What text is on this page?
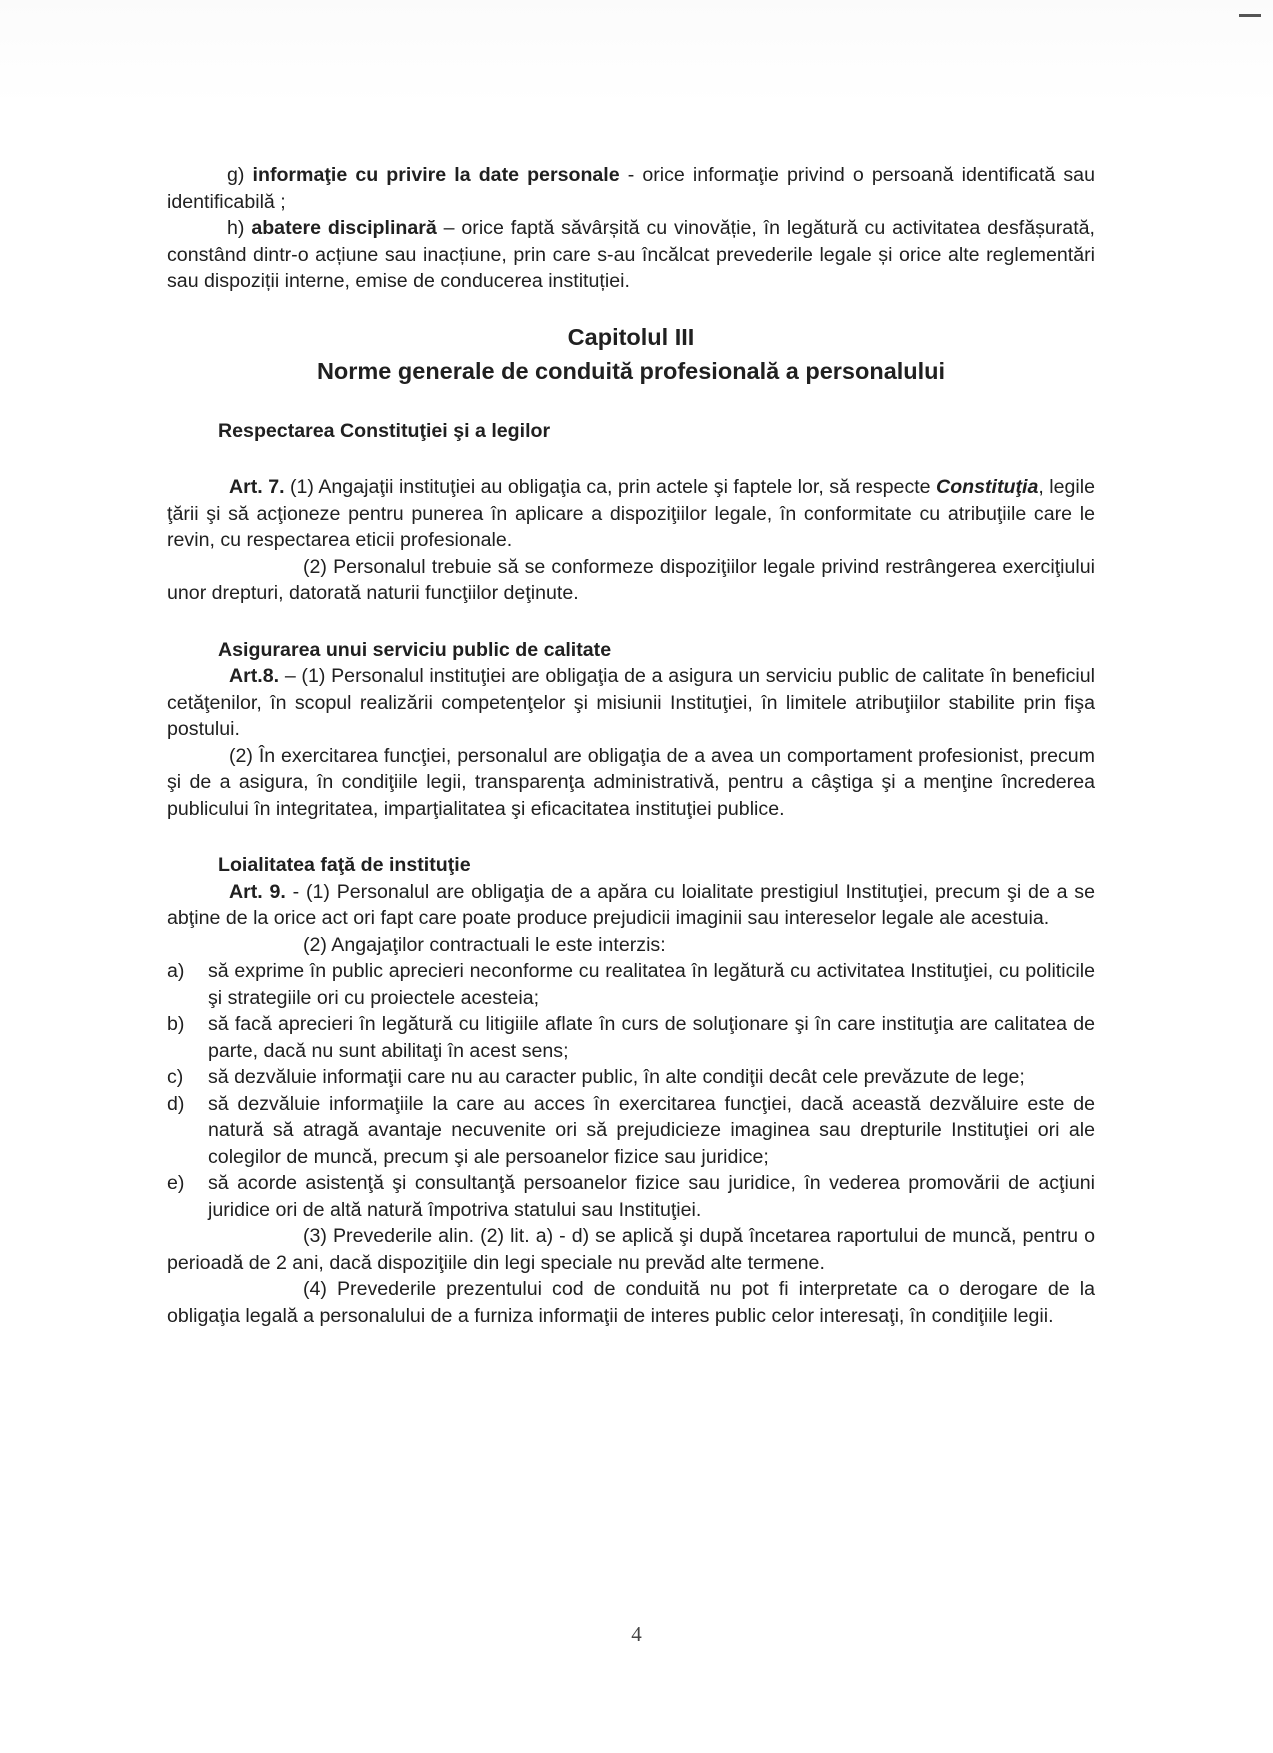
g) informaţie cu privire la date personale - orice informaţie privind o persoană identificată sau identificabilă ;

h) abatere disciplinară – orice faptă săvârșită cu vinovăție, în legătură cu activitatea desfășurată, constând dintr-o acțiune sau inacțiune, prin care s-au încălcat prevederile legale și orice alte reglementări sau dispoziții interne, emise de conducerea instituției.

Capitolul III
Norme generale de conduită profesională a personalului
Respectarea Constituţiei şi a legilor

Art. 7. (1) Angajaţii instituţiei au obligaţia ca, prin actele şi faptele lor, să respecte Constituţia, legile ţării şi să acţioneze pentru punerea în aplicare a dispoziţiilor legale, în conformitate cu atribuţiile care le revin, cu respectarea eticii profesionale.

(2) Personalul trebuie să se conformeze dispoziţiilor legale privind restrângerea exerciţiului unor drepturi, datorată naturii funcţiilor deţinute.

Asigurarea unui serviciu public de calitate

Art.8. – (1) Personalul instituţiei are obligaţia de a asigura un serviciu public de calitate în beneficiul cetăţenilor, în scopul realizării competenţelor şi misiunii Instituţiei, în limitele atribuţiilor stabilite prin fişa postului.

(2) În exercitarea funcţiei, personalul are obligaţia de a avea un comportament profesionist, precum şi de a asigura, în condiţiile legii, transparenţa administrativă, pentru a câştiga şi a menţine încrederea publicului în integritatea, imparţialitatea şi eficacitatea instituţiei publice.

Loialitatea faţă de instituţie

Art. 9. - (1) Personalul are obligaţia de a apăra cu loialitate prestigiul Instituţiei, precum şi de a se abţine de la orice act ori fapt care poate produce prejudicii imaginii sau intereselor legale ale acestuia.

(2) Angajaţilor contractuali le este interzis:

a) să exprime în public aprecieri neconforme cu realitatea în legătură cu activitatea Instituţiei, cu politicile şi strategiile ori cu proiectele acesteia;
b) să facă aprecieri în legătură cu litigiile aflate în curs de soluţionare şi în care instituţia are calitatea de parte, dacă nu sunt abilitaţi în acest sens;
c) să dezvăluie informaţii care nu au caracter public, în alte condiţii decât cele prevăzute de lege;
d) să dezvăluie informaţiile la care au acces în exercitarea funcţiei, dacă această dezvăluire este de natură să atragă avantaje necuvenite ori să prejudicieze imaginea sau drepturile Instituţiei ori ale colegilor de muncă, precum şi ale persoanelor fizice sau juridice;
e) să acorde asistenţă şi consultanţă persoanelor fizice sau juridice, în vederea promovării de acţiuni juridice ori de altă natură împotriva statului sau Instituţiei.

(3) Prevederile alin. (2) lit. a) - d) se aplică şi după încetarea raportului de muncă, pentru o perioadă de 2 ani, dacă dispoziţiile din legi speciale nu prevăd alte termene.

(4) Prevederile prezentului cod de conduită nu pot fi interpretate ca o derogare de la obligaţia legală a personalului de a furniza informaţii de interes public celor interesaţi, în condiţiile legii.

4
